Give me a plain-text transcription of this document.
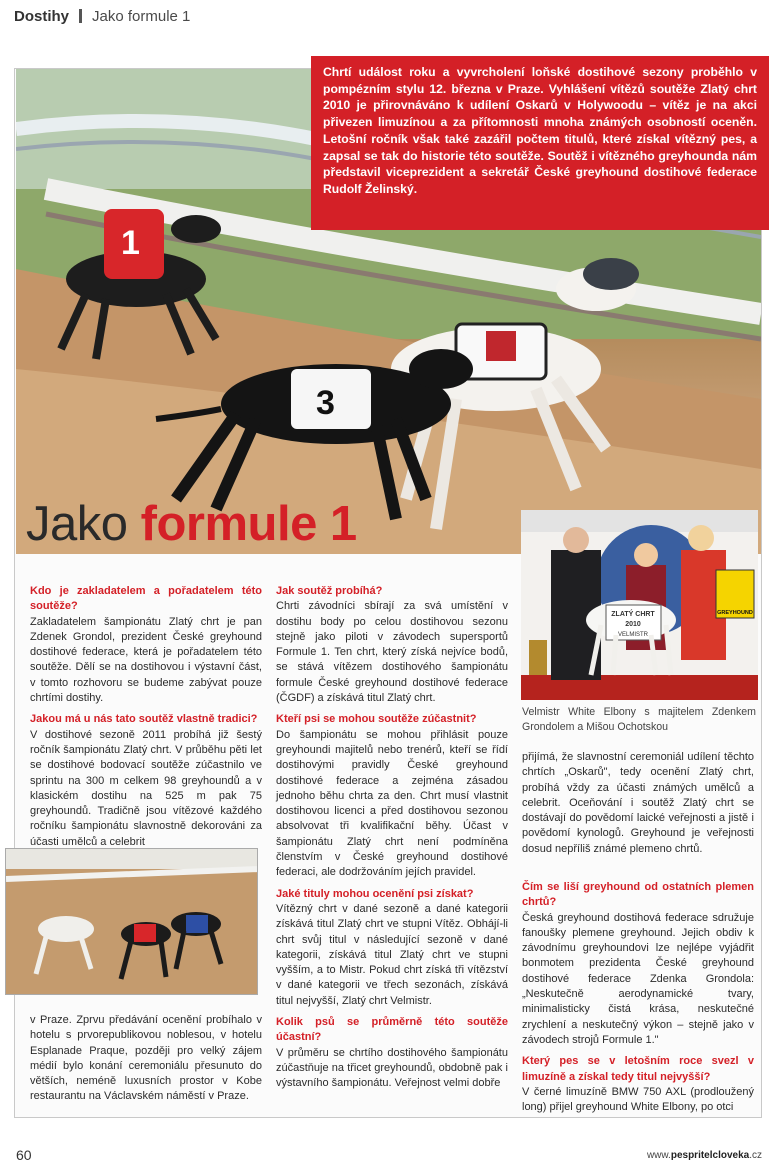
Dostihy Jako formule 1
1
3
Chrtí událost roku a vyvrcholení loňské dostihové sezony proběhlo v pompézním stylu 12. března v Praze. Vyhlášení vítězů soutěže Zlatý chrt 2010 je přirovnáváno k udílení Oskarů v Holywoodu – vítěz je na akci přivezen limuzínou a za přítomnosti mnoha známých osobností oceněn. Letošní ročník však také zazářil počtem titulů, které získal vítězný pes, a zapsal se tak do historie této soutěže. Soutěž i vítězného greyhounda nám představil viceprezident a sekretář České greyhound dostihové federace Rudolf Želinský.
Jako formule 1
ZLATÝ CHRT
2010
VELMISTR
GREYHOUND
Velmistr White Elbony s majitelem Zdenkem Grondolem a Mišou Ochotskou
Kdo je zakladatelem a pořadatelem této soutěže?

Zakladatelem šampionátu Zlatý chrt je pan Zdenek Grondol, prezident České greyhound dostihové federace, která je pořadatelem této soutěže. Dělí se na dostihovou i výstavní část, v tomto rozhovoru se budeme zabývat pouze chrtími dostihy.

Jakou má u nás tato soutěž vlastně tradici?

V dostihové sezoně 2011 probíhá již šestý ročník šampionátu Zlatý chrt. V průběhu pěti let se dostihové bodovací soutěže zúčastnilo ve sprintu na 300 m celkem 98 greyhoundů a v klasickém dostihu na 525 m pak 75 greyhoundů. Tradičně jsou vítězové každého ročníku šampionátu slavnostně dekorováni za účasti umělců a celebrit

v Praze. Zprvu předávání ocenění probíhalo v hotelu s prvorepublikovou noblesou, v hotelu Esplanade Praque, později pro velký zájem médií bylo konání ceremoniálu přesunuto do větších, neméně luxusních prostor v Kobe restaurantu na Václavském náměstí v Praze.

Jak soutěž probíhá?

Chrti závodníci sbírají za svá umístění v dostihu body po celou dostihovou sezonu stejně jako piloti v závodech supersportů Formule 1. Ten chrt, který získá nejvíce bodů, se stává vítězem dostihového šampionátu formule České greyhound dostihové federace (ČGDF) a získává titul Zlatý chrt.

Kteří psi se mohou soutěže zúčastnit?

Do šampionátu se mohou přihlásit pouze greyhoundi majitelů nebo trenérů, kteří se řídí dostihovými pravidly České greyhound dostihové federace a zejména zásadou jednoho běhu chrta za den. Chrt musí vlastnit dostihovou licenci a před dostihovou sezonou absolvovat tři kvalifikační běhy. Účast v šampionátu Zlatý chrt není podmíněna členstvím v České greyhound dostihové federaci, ale dodržováním jejích pravidel.

Jaké tituly mohou ocenění psi získat?

Vítězný chrt v dané sezoně a dané kategorii získává titul Zlatý chrt ve stupni Vítěz. Obhájí-li chrt svůj titul v následující sezoně v dané kategorii, získává titul Zlatý chrt ve stupni vyšším, a to Mistr. Pokud chrt získá tři vítězství v dané kategorii ve třech sezonách, získává titul nejvyšší, Zlatý chrt Velmistr.

Kolik psů se průměrně této soutěže účastní?

V průměru se chrtího dostihového šampionátu zúčastňuje na třicet greyhoundů, obdobně pak i výstavního šampionátu. Veřejnost velmi dobře

přijímá, že slavnostní ceremoniál udílení těchto chrtích „Oskarů", tedy ocenění Zlatý chrt, probíhá vždy za účasti známých umělců a celebrit. Oceňování i soutěž Zlatý chrt se dostávají do povědomí laické veřejnosti a jistě i povědomí kynologů. Greyhound je veřejnosti dosud nepříliš známé plemeno chrtů.

Čím se liší greyhound od ostatních plemen chrtů?

Česká greyhound dostihová federace sdružuje fanoušky plemene greyhound. Jejich obdiv k závodnímu greyhoundovi lze nejlépe vyjádřit bonmotem prezidenta České greyhound dostihové federace Zdenka Grondola: „Neskutečně aerodynamické tvary, minimalisticky čistá krása, neskutečné zrychlení a neskutečný výkon – stejně jako v závodech strojů Formule 1."

Který pes se v letošním roce svezl v limuzíně a získal tedy titul nejvyšší?

V černé limuzíně BMW 750 AXL (prodloužený long) přijel greyhound White Elbony, po otci

60	www.pespritelcloveka.cz
